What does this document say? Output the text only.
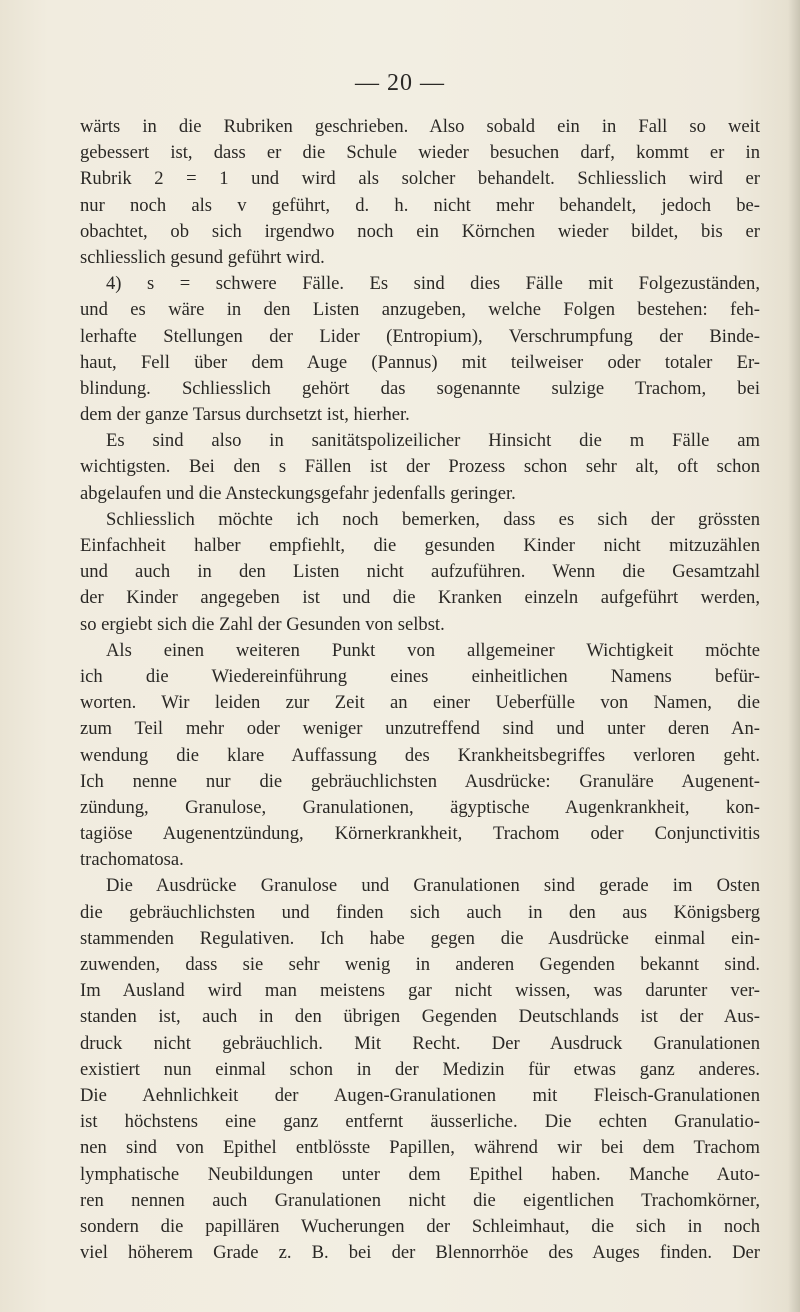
— 20 —
wärts in die Rubriken geschrieben. Also sobald ein in Fall so weit
gebessert ist, dass er die Schule wieder besuchen darf, kommt er in
Rubrik 2 = 1 und wird als solcher behandelt. Schliesslich wird er
nur noch als v geführt, d. h. nicht mehr behandelt, jedoch be-
obachtet, ob sich irgendwo noch ein Körnchen wieder bildet, bis er
schliesslich gesund geführt wird.
4) s = schwere Fälle. Es sind dies Fälle mit Folgezuständen,
und es wäre in den Listen anzugeben, welche Folgen bestehen: feh-
lerhafte Stellungen der Lider (Entropium), Verschrumpfung der Binde-
haut, Fell über dem Auge (Pannus) mit teilweiser oder totaler Er-
blindung. Schliesslich gehört das sogenannte sulzige Trachom, bei
dem der ganze Tarsus durchsetzt ist, hierher.
Es sind also in sanitätspolizeilicher Hinsicht die m Fälle am
wichtigsten. Bei den s Fällen ist der Prozess schon sehr alt, oft schon
abgelaufen und die Ansteckungsgefahr jedenfalls geringer.
Schliesslich möchte ich noch bemerken, dass es sich der grössten
Einfachheit halber empfiehlt, die gesunden Kinder nicht mitzuzählen
und auch in den Listen nicht aufzuführen. Wenn die Gesamtzahl
der Kinder angegeben ist und die Kranken einzeln aufgeführt werden,
so ergiebt sich die Zahl der Gesunden von selbst.
Als einen weiteren Punkt von allgemeiner Wichtigkeit möchte
ich die Wiedereinführung eines einheitlichen Namens befür-
worten. Wir leiden zur Zeit an einer Ueberfülle von Namen, die
zum Teil mehr oder weniger unzutreffend sind und unter deren An-
wendung die klare Auffassung des Krankheitsbegriffes verloren geht.
Ich nenne nur die gebräuchlichsten Ausdrücke: Granuläre Augenent-
zündung, Granulose, Granulationen, ägyptische Augenkrankheit, kon-
tagiöse Augenentzündung, Körnerkrankheit, Trachom oder Conjunctivitis
trachomatosa.
Die Ausdrücke Granulose und Granulationen sind gerade im Osten
die gebräuchlichsten und finden sich auch in den aus Königsberg
stammenden Regulativen. Ich habe gegen die Ausdrücke einmal ein-
zuwenden, dass sie sehr wenig in anderen Gegenden bekannt sind.
Im Ausland wird man meistens gar nicht wissen, was darunter ver-
standen ist, auch in den übrigen Gegenden Deutschlands ist der Aus-
druck nicht gebräuchlich. Mit Recht. Der Ausdruck Granulationen
existiert nun einmal schon in der Medizin für etwas ganz anderes.
Die Aehnlichkeit der Augen-Granulationen mit Fleisch-Granulationen
ist höchstens eine ganz entfernt äusserliche. Die echten Granulatio-
nen sind von Epithel entblösste Papillen, während wir bei dem Trachom
lymphatische Neubildungen unter dem Epithel haben. Manche Auto-
ren nennen auch Granulationen nicht die eigentlichen Trachomkörner,
sondern die papillären Wucherungen der Schleimhaut, die sich in noch
viel höherem Grade z. B. bei der Blennorrhöe des Auges finden. Der
